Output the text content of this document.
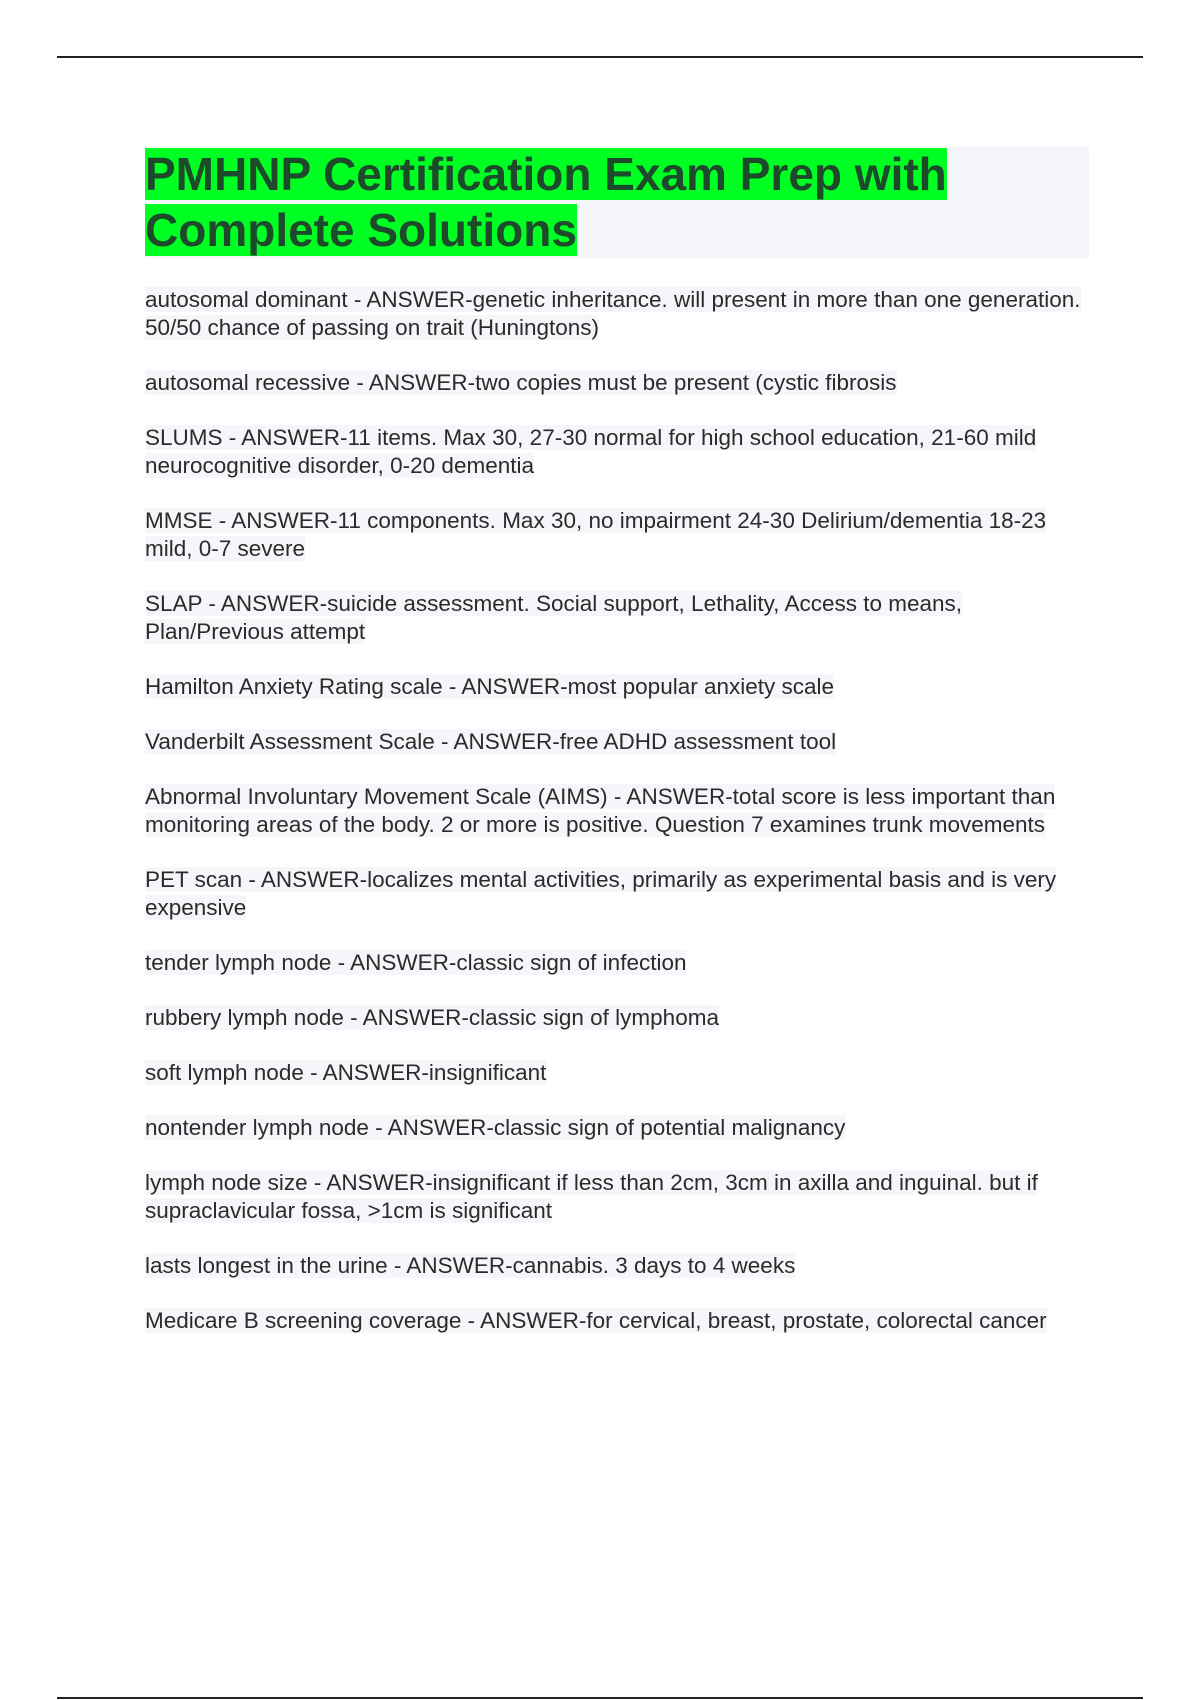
PMHNP Certification Exam Prep with
Complete Solutions
autosomal dominant - ANSWER-genetic inheritance. will present in more than one generation. 50/50 chance of passing on trait (Huningtons)
autosomal recessive - ANSWER-two copies must be present (cystic fibrosis
SLUMS - ANSWER-11 items. Max 30, 27-30 normal for high school education, 21-60 mild neurocognitive disorder, 0-20 dementia
MMSE - ANSWER-11 components. Max 30, no impairment 24-30 Delirium/dementia 18-23 mild, 0-7 severe
SLAP - ANSWER-suicide assessment. Social support, Lethality, Access to means, Plan/Previous attempt
Hamilton Anxiety Rating scale - ANSWER-most popular anxiety scale
Vanderbilt Assessment Scale - ANSWER-free ADHD assessment tool
Abnormal Involuntary Movement Scale (AIMS) - ANSWER-total score is less important than monitoring areas of the body. 2 or more is positive. Question 7 examines trunk movements
PET scan - ANSWER-localizes mental activities, primarily as experimental basis and is very expensive
tender lymph node - ANSWER-classic sign of infection
rubbery lymph node - ANSWER-classic sign of lymphoma
soft lymph node - ANSWER-insignificant
nontender lymph node - ANSWER-classic sign of potential malignancy
lymph node size - ANSWER-insignificant if less than 2cm, 3cm in axilla and inguinal. but if supraclavicular fossa, >1cm is significant
lasts longest in the urine - ANSWER-cannabis. 3 days to 4 weeks
Medicare B screening coverage - ANSWER-for cervical, breast, prostate, colorectal cancer
